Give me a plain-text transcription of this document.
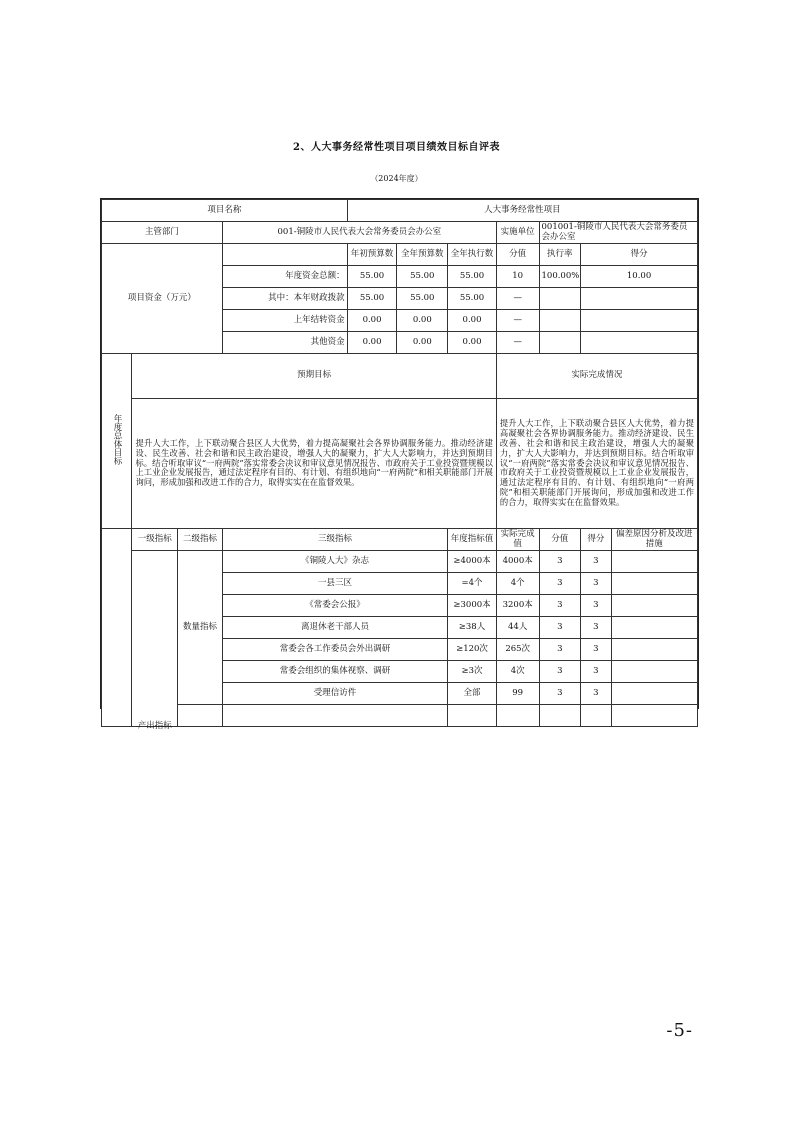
2、人大事务经常性项目项目绩效目标自评表
（2024年度）
项目名称				人大事务经常性项目						
主管部门			001-铜陵市人民代表大会常务委员会办公室				实施单位	001001-铜陵市人民代表大会常务委员会办公室		
项目资金（万元）				年初预算数	全年预算数	全年执行数	分值	执行率	得分	
			年度资金总额：	55.00	55.00	55.00	10	100.00%	10.00	
			其中：本年财政拨款	55.00	55.00	55.00	—			
			上年结转资金	0.00	0.00	0.00	—			
			其他资金	0.00	0.00	0.00	—			
年度总体目标	预期目标						实际完成情况			
	提升人大工作，上下联动聚合县区人大优势，着力提高凝聚社会各界协调服务能力。推动经济建设、民生改善、社会和谐和民主政治建设，增强人大的凝聚力，扩大人大影响力，并达到预期目标。结合听取审议“一府两院”落实常委会决议和审议意见情况报告、市政府关于工业投资暨规模以上工业企业发展报告，通过法定程序有目的、有计划、有组织地向“一府两院”和相关职能部门开展询问，形成加强和改进工作的合力，取得实实在在监督效果。						提升人大工作，上下联动聚合县区人大优势，着力提高凝聚社会各界协调服务能力。推动经济建设、民生改善、社会和谐和民主政治建设，增强人大的凝聚力，扩大人大影响力，并达到预期目标。结合听取审议“一府两院”落实常委会决议和审议意见情况报告、市政府关于工业投资暨规模以上工业企业发展报告，通过法定程序有目的、有计划、有组织地向“一府两院”和相关职能部门开展询问，形成加强和改进工作的合力，取得实实在在监督效果。			
	一级指标	二级指标	三级指标			年度指标值	实际完成值	分值	得分	偏差原因分析及改进措施
	产出指标	数量指标	《铜陵人大》杂志			≥4000本	4000本	3	3	
			一县三区			=4个	4个	3	3	
			《常委会公报》			≥3000本	3200本	3	3	
			离退休老干部人员			≥38人	44人	3	3	
			常委会各工作委员会外出调研			≥120次	265次	3	3	
			常委会组织的集体视察、调研			≥3次	4次	3	3	
			受理信访件			全部	99	3	3	

-5-
